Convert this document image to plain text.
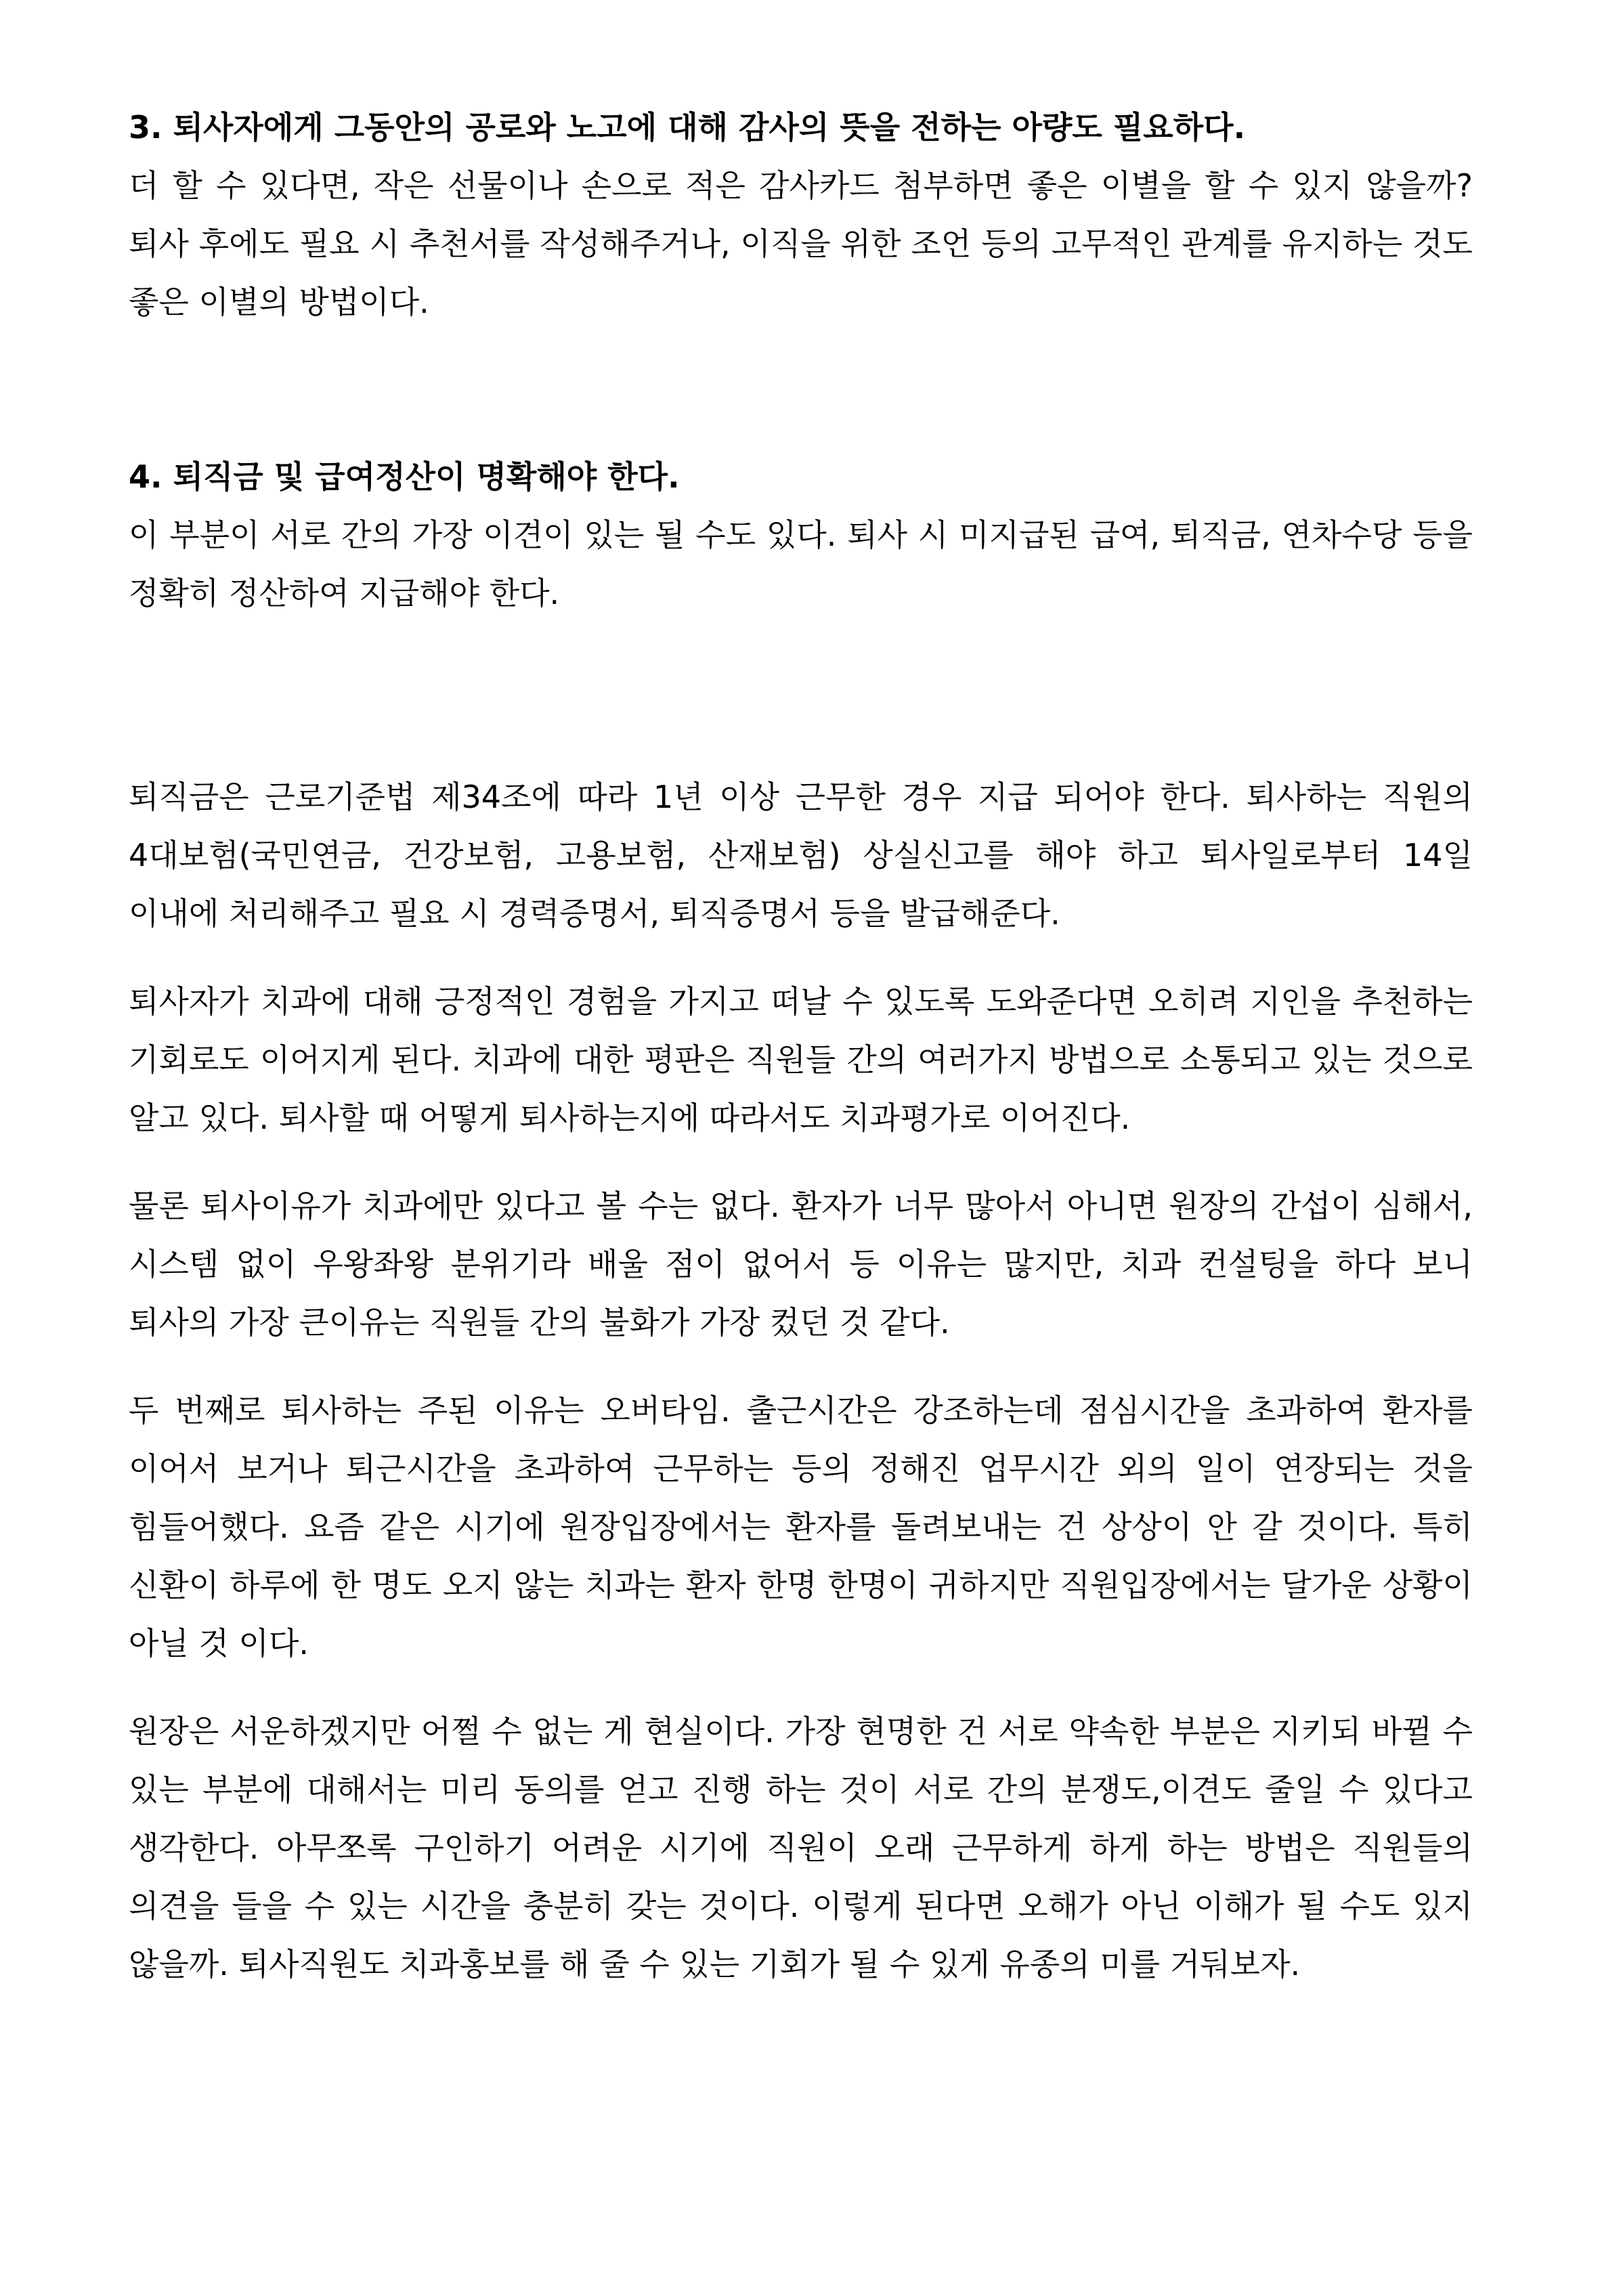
3. 퇴사자에게 그동안의 공로와 노고에 대해 감사의 뜻을 전하는 아량도 필요하다.

더 할 수 있다면, 작은 선물이나 손으로 적은 감사카드 첨부하면 좋은 이별을 할 수 있지 않을까? 퇴사 후에도 필요 시 추천서를 작성해주거나, 이직을 위한 조언 등의 고무적인 관계를 유지하는 것도 좋은 이별의 방법이다.

4. 퇴직금 및 급여정산이 명확해야 한다.

이 부분이 서로 간의 가장 이견이 있는 될 수도 있다. 퇴사 시 미지급된 급여, 퇴직금, 연차수당 등을 정확히 정산하여 지급해야 한다.

퇴직금은 근로기준법 제34조에 따라 1년 이상 근무한 경우 지급 되어야 한다. 퇴사하는 직원의 4대보험(국민연금, 건강보험, 고용보험, 산재보험) 상실신고를 해야 하고 퇴사일로부터 14일 이내에 처리해주고 필요 시 경력증명서, 퇴직증명서 등을 발급해준다.

퇴사자가 치과에 대해 긍정적인 경험을 가지고 떠날 수 있도록 도와준다면 오히려 지인을 추천하는 기회로도 이어지게 된다. 치과에 대한 평판은 직원들 간의 여러가지 방법으로 소통되고 있는 것으로 알고 있다. 퇴사할 때 어떻게 퇴사하는지에 따라서도 치과평가로 이어진다.

물론 퇴사이유가 치과에만 있다고 볼 수는 없다. 환자가 너무 많아서 아니면 원장의 간섭이 심해서, 시스템 없이 우왕좌왕 분위기라 배울 점이 없어서 등 이유는 많지만, 치과 컨설팅을 하다 보니 퇴사의 가장 큰이유는 직원들 간의 불화가 가장 컸던 것 같다.

두 번째로 퇴사하는 주된 이유는 오버타임. 출근시간은 강조하는데 점심시간을 초과하여 환자를 이어서 보거나 퇴근시간을 초과하여 근무하는 등의 정해진 업무시간 외의 일이 연장되는 것을 힘들어했다. 요즘 같은 시기에 원장입장에서는 환자를 돌려보내는 건 상상이 안 갈 것이다. 특히 신환이 하루에 한 명도 오지 않는 치과는 환자 한명 한명이 귀하지만 직원입장에서는 달가운 상황이 아닐 것 이다.

원장은 서운하겠지만 어쩔 수 없는 게 현실이다. 가장 현명한 건 서로 약속한 부분은 지키되 바뀔 수 있는 부분에 대해서는 미리 동의를 얻고 진행 하는 것이 서로 간의 분쟁도,이견도 줄일 수 있다고 생각한다. 아무쪼록 구인하기 어려운 시기에 직원이 오래 근무하게 하게 하는 방법은 직원들의 의견을 들을 수 있는 시간을 충분히 갖는 것이다. 이렇게 된다면 오해가 아닌 이해가 될 수도 있지 않을까. 퇴사직원도 치과홍보를 해 줄 수 있는 기회가 될 수 있게 유종의 미를 거둬보자.
